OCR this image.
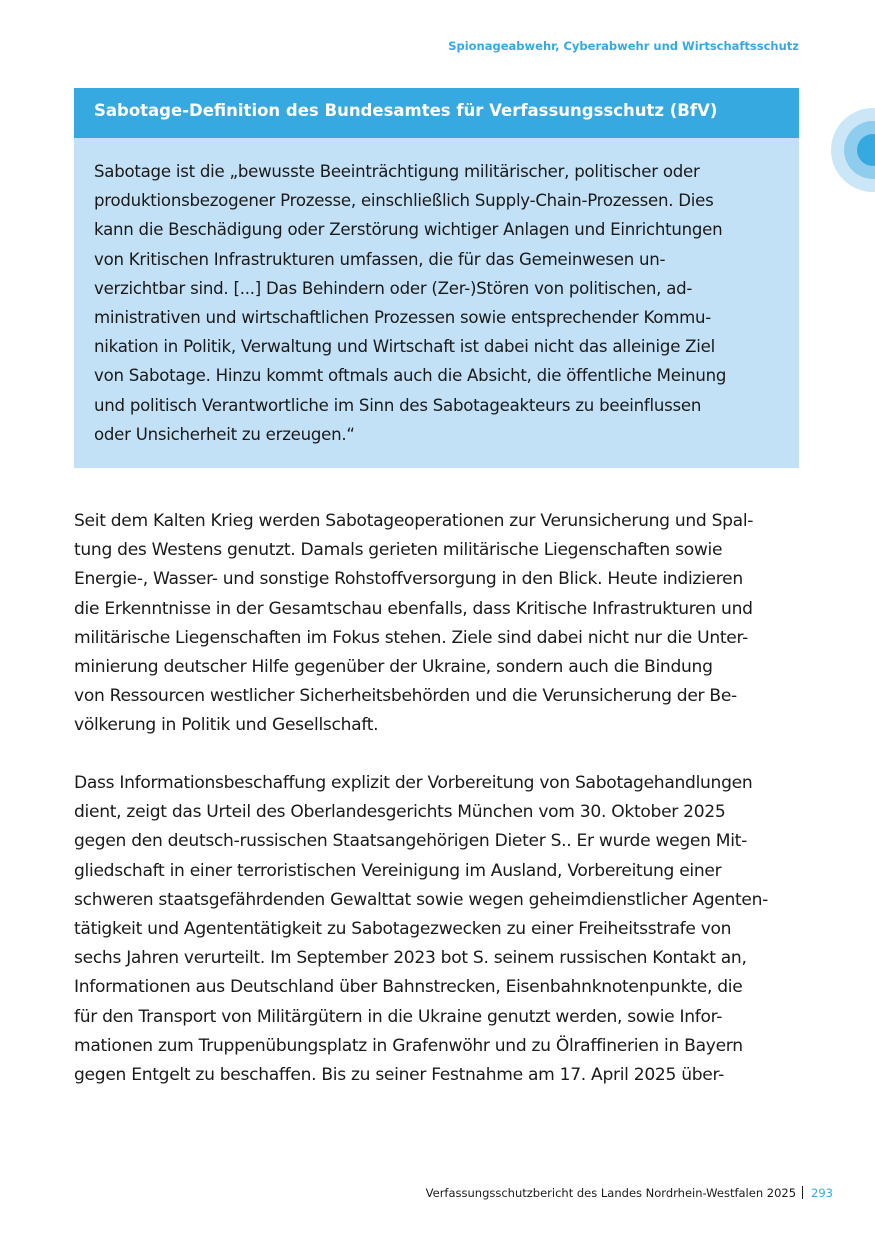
Spionageabwehr, Cyberabwehr und Wirtschaftsschutz
Sabotage-Definition des Bundesamtes für Verfassungsschutz (BfV)
Sabotage ist die „bewusste Beeinträchtigung militärischer, politischer oder
produktionsbezogener Prozesse, einschließlich Supply-Chain-Prozessen. Dies
kann die Beschädigung oder Zerstörung wichtiger Anlagen und Einrichtungen
von Kritischen Infrastrukturen umfassen, die für das Gemeinwesen un-
verzichtbar sind. [...] Das Behindern oder (Zer-)Stören von politischen, ad-
ministrativen und wirtschaftlichen Prozessen sowie entsprechender Kommu-
nikation in Politik, Verwaltung und Wirtschaft ist dabei nicht das alleinige Ziel
von Sabotage. Hinzu kommt oftmals auch die Absicht, die öffentliche Meinung
und politisch Verantwortliche im Sinn des Sabotageakteurs zu beeinflussen
oder Unsicherheit zu erzeugen.“
Seit dem Kalten Krieg werden Sabotageoperationen zur Verunsicherung und Spal-
tung des Westens genutzt. Damals gerieten militärische Liegenschaften sowie
Energie-, Wasser- und sonstige Rohstoffversorgung in den Blick. Heute indizieren
die Erkenntnisse in der Gesamtschau ebenfalls, dass Kritische Infrastrukturen und
militärische Liegenschaften im Fokus stehen. Ziele sind dabei nicht nur die Unter-
minierung deutscher Hilfe gegenüber der Ukraine, sondern auch die Bindung
von Ressourcen westlicher Sicherheitsbehörden und die Verunsicherung der Be-
völkerung in Politik und Gesellschaft.
Dass Informationsbeschaffung explizit der Vorbereitung von Sabotagehandlungen
dient, zeigt das Urteil des Oberlandesgerichts München vom 30. Oktober 2025
gegen den deutsch-russischen Staatsangehörigen Dieter S.. Er wurde wegen Mit-
gliedschaft in einer terroristischen Vereinigung im Ausland, Vorbereitung einer
schweren staatsgefährdenden Gewalttat sowie wegen geheimdienstlicher Agenten-
tätigkeit und Agententätigkeit zu Sabotagezwecken zu einer Freiheitsstrafe von
sechs Jahren verurteilt. Im September 2023 bot S. seinem russischen Kontakt an,
Informationen aus Deutschland über Bahnstrecken, Eisenbahnknotenpunkte, die
für den Transport von Militärgütern in die Ukraine genutzt werden, sowie Infor-
mationen zum Truppenübungsplatz in Grafenwöhr und zu Ölraffinerien in Bayern
gegen Entgelt zu beschaffen. Bis zu seiner Festnahme am 17. April 2025 über-
Verfassungsschutzbericht des Landes Nordrhein-Westfalen 2025 293
